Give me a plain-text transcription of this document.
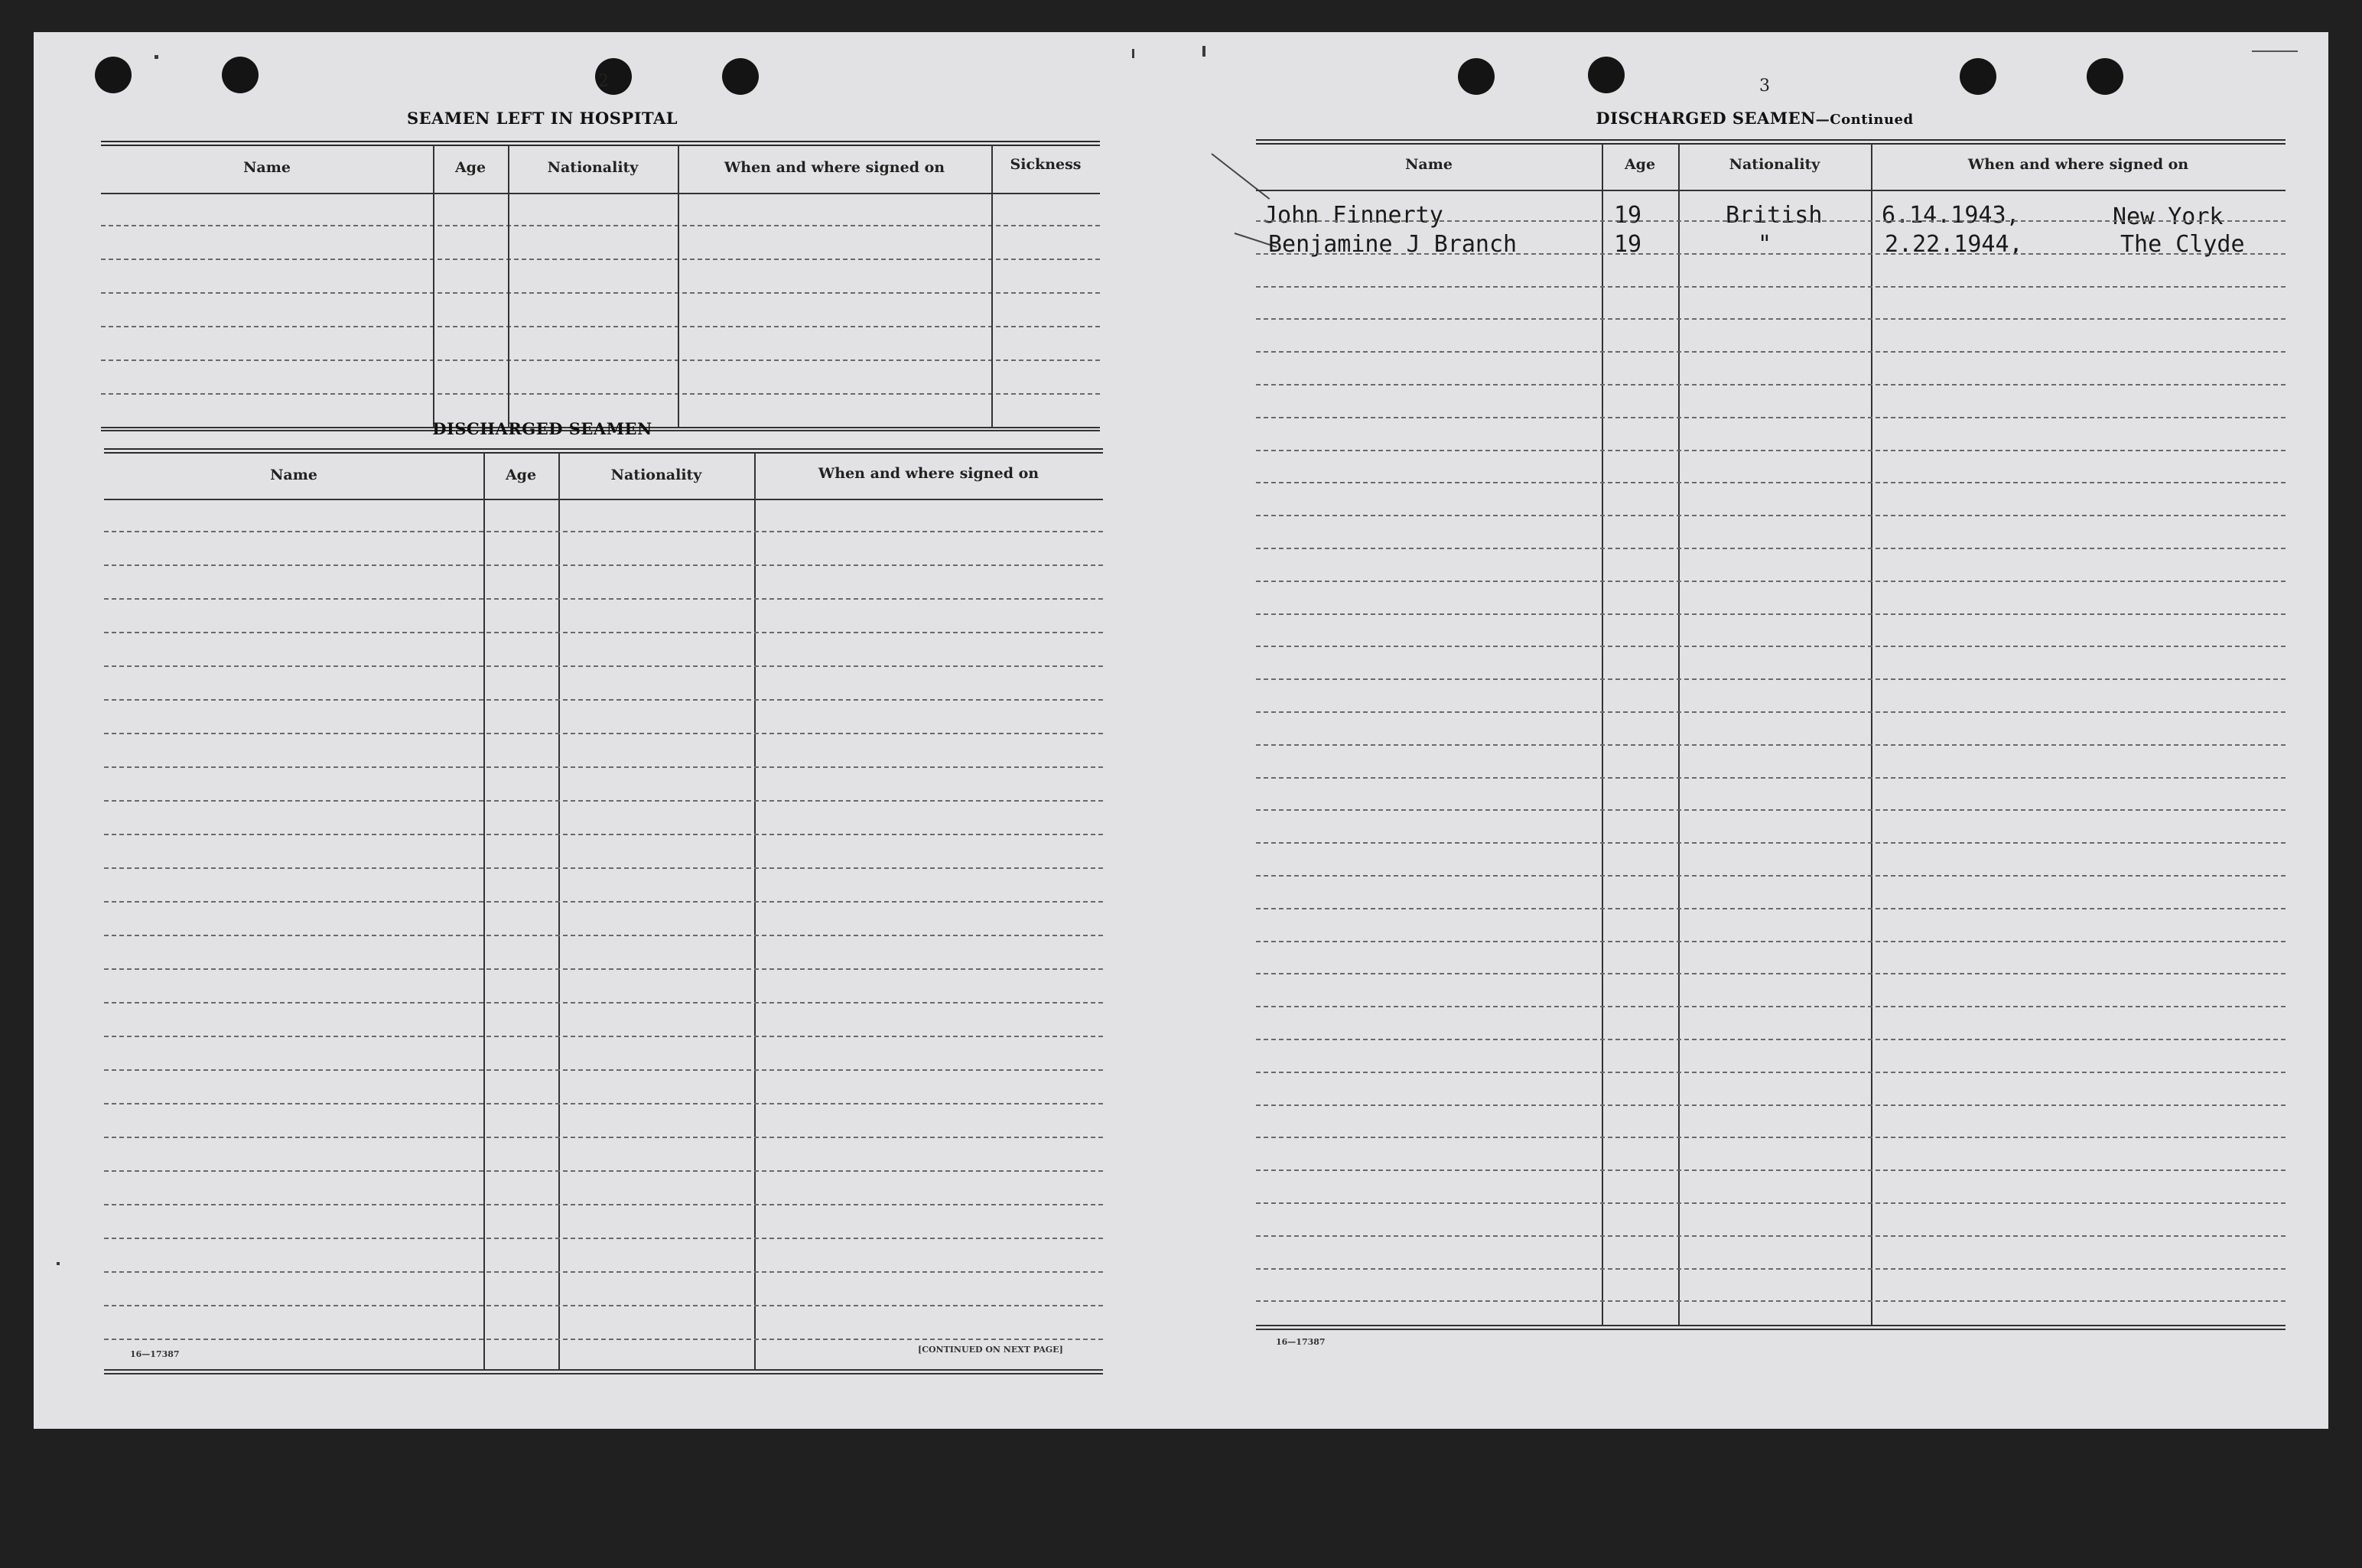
2
SEAMEN LEFT IN HOSPITAL
Name	Age	Nationality	When and where signed on	Sickness
DISCHARGED SEAMEN
Name	Age	Nationality	When and where signed on
16—17387	[CONTINUED ON NEXT PAGE]
3
DISCHARGED SEAMEN—Continued
Name	Age	Nationality	When and where signed on
John Finnerty	19	British	6.14.1943,	New York
Benjamine J Branch	19	"	2.22.1944,	The Clyde
16—17387
